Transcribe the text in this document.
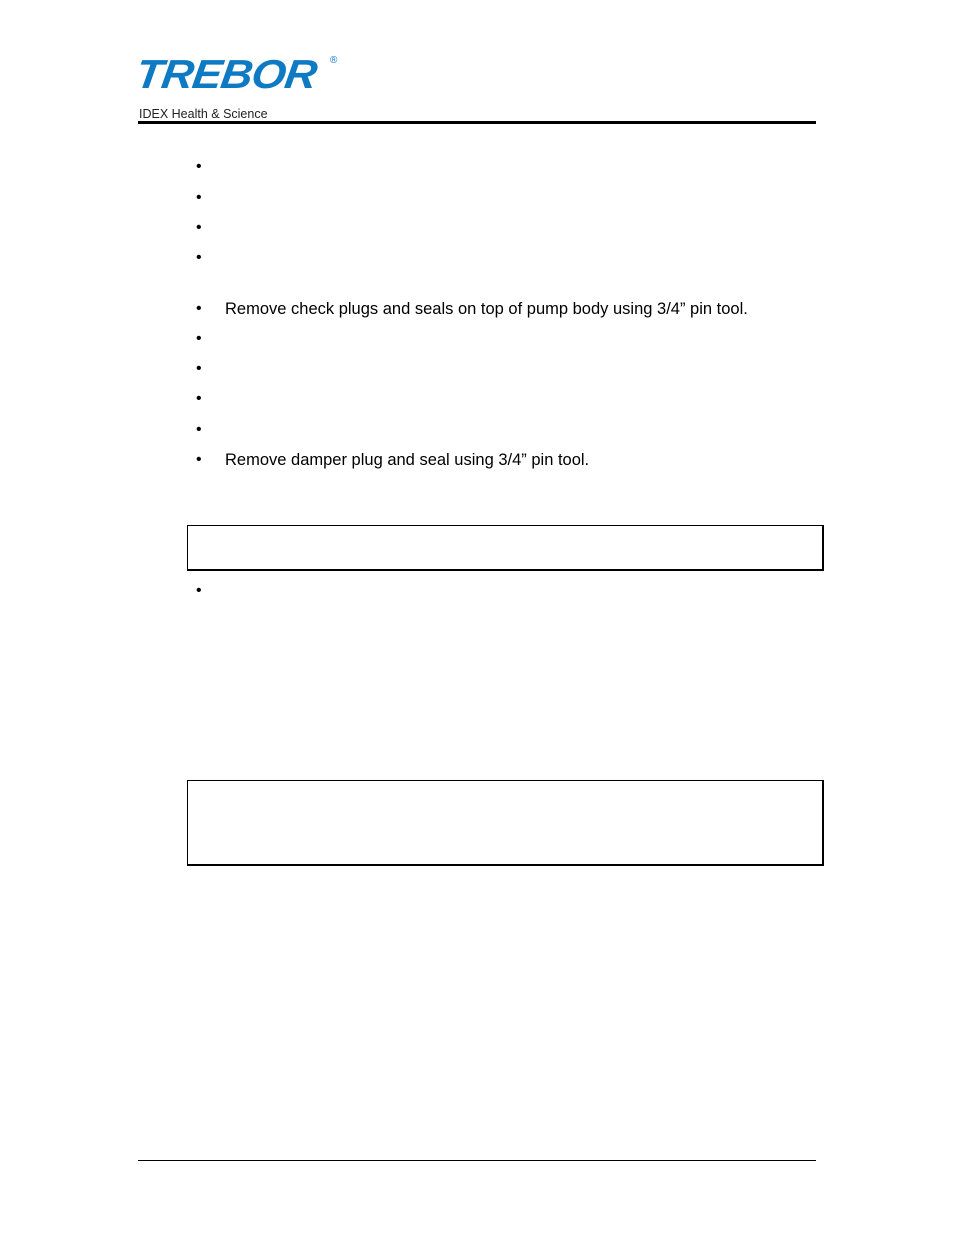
TREBOR ®
IDEX Health & Science
•
•
•
•
• Remove check plugs and seals on top of pump body using 3/4” pin tool.
•
•
•
•
• Remove damper plug and seal using 3/4” pin tool.
•
